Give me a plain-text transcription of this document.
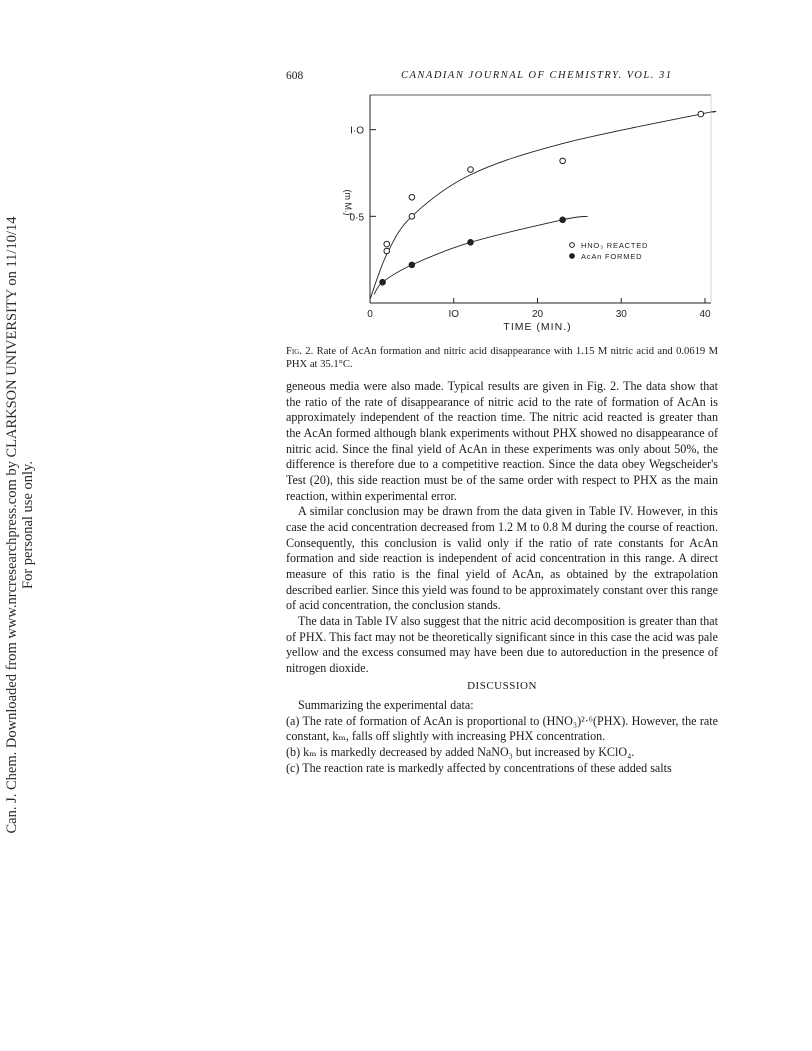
Can. J. Chem. Downloaded from www.nrcresearchpress.com by CLARKSON UNIVERSITY on 11/10/14 For personal use only.
608	CANADIAN JOURNAL OF CHEMISTRY. VOL. 31
0	IO	20	30	40
0·5
I·O
TIME (MIN.)
(m M.)
HNO₃ REACTED
AcAn FORMED
Fig. 2. Rate of AcAn formation and nitric acid disappearance with 1.15 M nitric acid and 0.0619 M PHX at 35.1°C.

geneous media were also made. Typical results are given in Fig. 2. The data show that the ratio of the rate of disappearance of nitric acid to the rate of formation of AcAn is approximately independent of the reaction time. The nitric acid reacted is greater than the AcAn formed although blank experiments without PHX showed no disappearance of nitric acid. Since the final yield of AcAn in these experiments was only about 50%, the difference is therefore due to a competitive reaction. Since the data obey Wegscheider's Test (20), this side reaction must be of the same order with respect to PHX as the main reaction, within experimental error.

A similar conclusion may be drawn from the data given in Table IV. However, in this case the acid concentration decreased from 1.2 M to 0.8 M during the course of reaction. Consequently, this conclusion is valid only if the ratio of rate constants for AcAn formation and side reaction is independent of acid concentration in this range. A direct measure of this ratio is the final yield of AcAn, as obtained by the extrapolation described earlier. Since this yield was found to be approximately constant over this range of acid concentration, the conclusion stands.

The data in Table IV also suggest that the nitric acid decomposition is greater than that of PHX. This fact may not be theoretically significant since in this case the acid was pale yellow and the excess consumed may have been due to autoreduction in the presence of nitrogen dioxide.

DISCUSSION

Summarizing the experimental data:

(a) The rate of formation of AcAn is proportional to (HNO₃)²·⁶(PHX). However, the rate constant, kₘ, falls off slightly with increasing PHX concentration.

(b) kₘ is markedly decreased by added NaNO₃ but increased by KClO₄.

(c) The reaction rate is markedly affected by concentrations of these added salts
